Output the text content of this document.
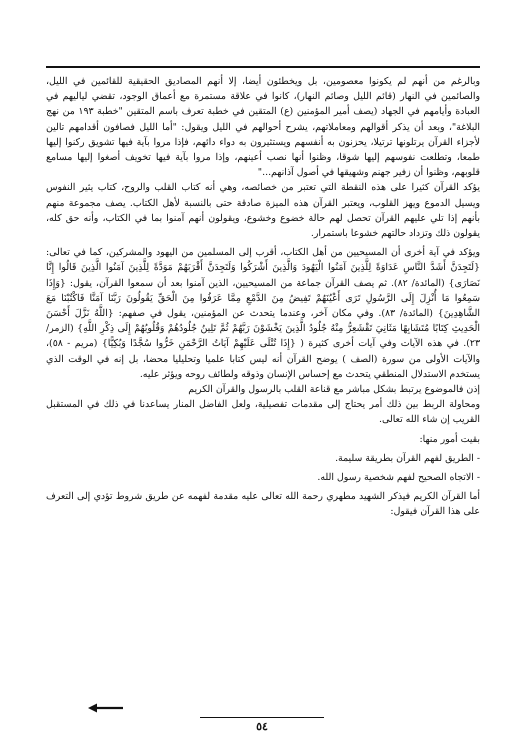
وبالرغم من أنهم لم يكونوا معصومين، بل ويخطئون أيضا، إلا أنهم المصاديق الحقيقية للقائمين في الليل، والصائمين في النهار (قائم الليل وصائم النهار)، كانوا في علاقة مستمرة مع أعماق الوجود، تقضي لياليهم في العبادة وأيامهم في الجهاد (يصف أمير المؤمنين (ع) المتقين في خطبة تعرف باسم المتقين "خطبة ١٩٣ من نهج البلاغة"، وبعد أن يذكر أقوالهم ومعاملاتهم، يشرح أحوالهم في الليل ويقول: "أما الليل فصافون أقدامهم تالين لأجزاء القرآن يرتلونها ترتيلا، يحزنون به أنفسهم ويستثيرون به دواء دائهم، فإذا مروا بآية فيها تشويق ركنوا إليها طمعا، وتطلعت نفوسهم إليها شوقا، وظنوا أنها نصب أعينهم، وإذا مروا بآية فيها تخويف أصغوا إليها مسامع قلوبهم، وظنوا أن زفير جهنم وشهيقها في أصول آذانهم..."

يؤكد القرآن كثيرا على هذه النقطة التي تعتبر من خصائصه، وهي أنه كتاب القلب والروح، كتاب يثير النفوس ويسيل الدموع ويهز القلوب، ويعتبر القرآن هذه الميزة صادقة حتى بالنسبة لأهل الكتاب. يصف مجموعة منهم بأنهم إذا تلي عليهم القرآن تحصل لهم حالة خضوع وخشوع، ويقولون أنهم آمنوا بما في الكتاب، وأنه حق كله، يقولون ذلك وتزداد حالتهم خشوعا باستمرار.

ويؤكد في آية أخرى أن المسيحيين من أهل الكتاب، أقرب إلى المسلمين من اليهود والمشركين، كما في تعالى: {لَتَجِدَنَّ أَشَدَّ النَّاسِ عَدَاوَةً لِلَّذِينَ آمَنُوا الْيَهُودَ وَالَّذِينَ أَشْرَكُوا وَلَتَجِدَنَّ أَقْرَبَهُمْ مَوَدَّةً لِلَّذِينَ آمَنُوا الَّذِينَ قَالُوا إِنَّا نَصَارَى} (المائدة/ ٨٢). ثم يصف القرآن جماعة من المسيحيين، الذين آمنوا بعد أن سمعوا القرآن، يقول: {وَإِذَا سَمِعُوا مَا أُنْزِلَ إِلَى الرَّسُولِ تَرَى أَعْيُنَهُمْ تَفِيضُ مِنَ الدَّمْعِ مِمَّا عَرَفُوا مِنَ الْحَقِّ يَقُولُونَ رَبَّنَا آمَنَّا فَاكْتُبْنَا مَعَ الشَّاهِدِينَ} (المائدة/ ٨٣). وفي مكان آخر، وعندما يتحدث عن المؤمنين، يقول في صفهم: {اللَّهُ نَزَّلَ أَحْسَنَ الْحَدِيثِ كِتَابًا مُتَشَابِهًا مَثَانِيَ تَقْشَعِرُّ مِنْهُ جُلُودُ الَّذِينَ يَخْشَوْنَ رَبَّهُمْ ثُمَّ تَلِينُ جُلُودُهُمْ وَقُلُوبُهُمْ إِلَى ذِكْرِ اللَّهِ} (الزمر/ ٢٣). في هذه الآيات وفي آيات أخرى كثيرة ( {إِذَا تُتْلَى عَلَيْهِمْ آيَاتُ الرَّحْمَنِ خَرُّوا سُجَّدًا وَبُكِيًّا} (مريم - ٥٨)، والآيات الأولى من سورة (الصف ) يوضح القرآن أنه ليس كتابا علميا وتحليليا محضا، بل إنه في الوقت الذي يستخدم الاستدلال المنطقي يتحدث مع إحساس الإنسان وذوقه ولطائف روحه ويؤثر عليه.

إذن فالموضوع يرتبط بشكل مباشر مع قناعة القلب بالرسول والقرآن الكريم

ومحاولة الربط بين ذلك أمر يحتاج إلى مقدمات تفصيلية، ولعل الفاضل المنار يساعدنا في ذلك في المستقبل القريب إن شاء الله تعالى.

بقيت أمور منها:

- الطريق لفهم القرآن بطريقة سليمة.

- الاتجاه الصحيح لفهم شخصية رسول الله.

أما القرآن الكريم فيذكر الشهيد مطهري رحمة الله تعالى عليه مقدمة لفهمه عن طريق شروط تؤدي إلى التعرف على هذا القرآن فيقول:

٥٤
